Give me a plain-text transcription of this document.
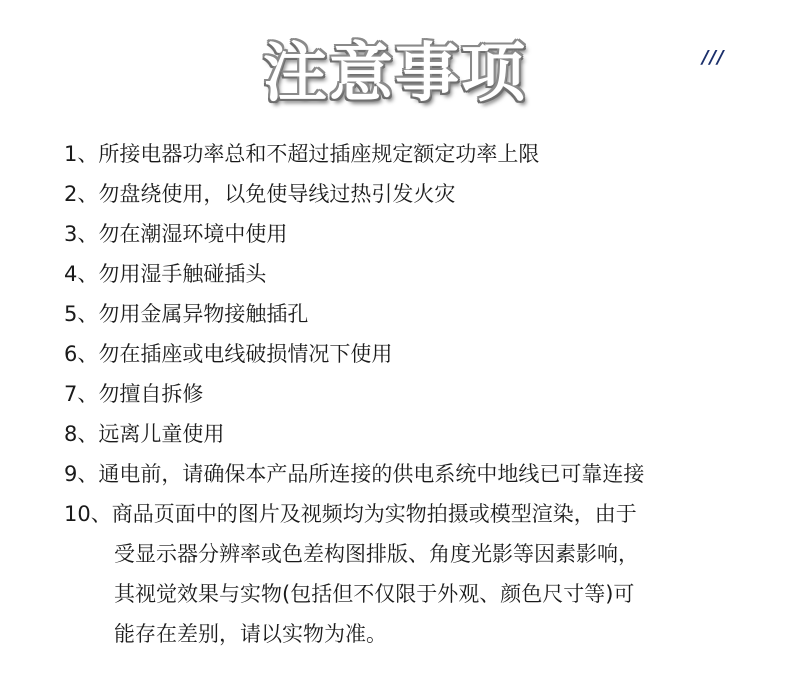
注意事项	///
1、所接电器功率总和不超过插座规定额定功率上限
2、勿盘绕使用，以免使导线过热引发火灾
3、勿在潮湿环境中使用
4、勿用湿手触碰插头
5、勿用金属异物接触插孔
6、勿在插座或电线破损情况下使用
7、勿擅自拆修
8、远离儿童使用
9、通电前，请确保本产品所连接的供电系统中地线已可靠连接
10、商品页面中的图片及视频均为实物拍摄或模型渲染，由于
受显示器分辨率或色差构图排版、角度光影等因素影响，
其视觉效果与实物(包括但不仅限于外观、颜色尺寸等)可
能存在差别，请以实物为准。
